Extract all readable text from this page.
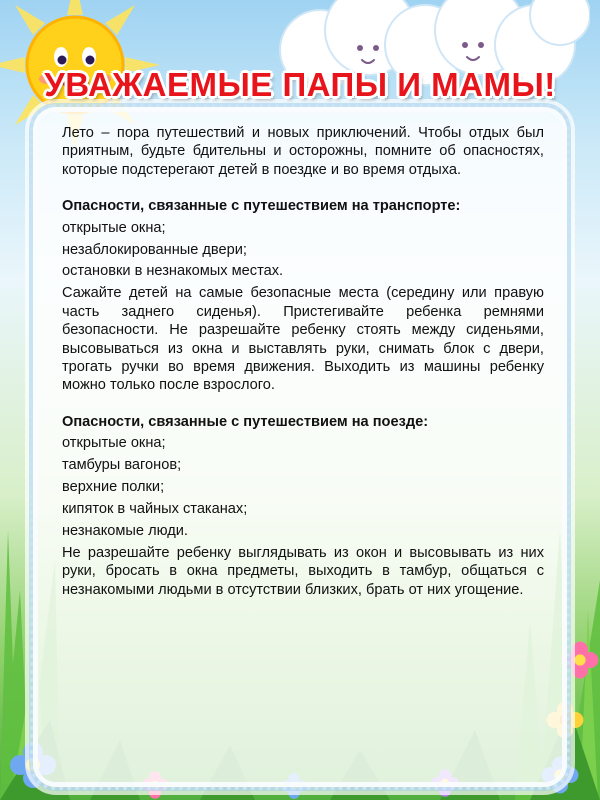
УВАЖАЕМЫЕ ПАПЫ И МАМЫ!

Лето – пора путешествий и новых приключений. Чтобы отдых был приятным, будьте бдительны и осторожны, помните об опасностях, которые подстерегают детей в поездке и во время отдыха.

Опасности, связанные с путешествием на транспорте:

открытые окна;

незаблокированные двери;

остановки в незнакомых местах.

Сажайте детей на самые безопасные места (середину или правую часть заднего сиденья). Пристегивайте ребенка ремнями безопасности. Не разрешайте ребенку стоять между сиденьями, высовываться из окна и выставлять руки, снимать блок с двери, трогать ручки во время движения. Выходить из машины ребенку можно только после взрослого.

Опасности, связанные с путешествием на поезде:

открытые окна;

тамбуры вагонов;

верхние полки;

кипяток в чайных стаканах;

незнакомые люди.

Не разрешайте ребенку выглядывать из окон и высовывать из них руки, бросать в окна предметы, выходить в тамбур, общаться с незнакомыми людьми в отсутствии близких, брать от них угощение.
